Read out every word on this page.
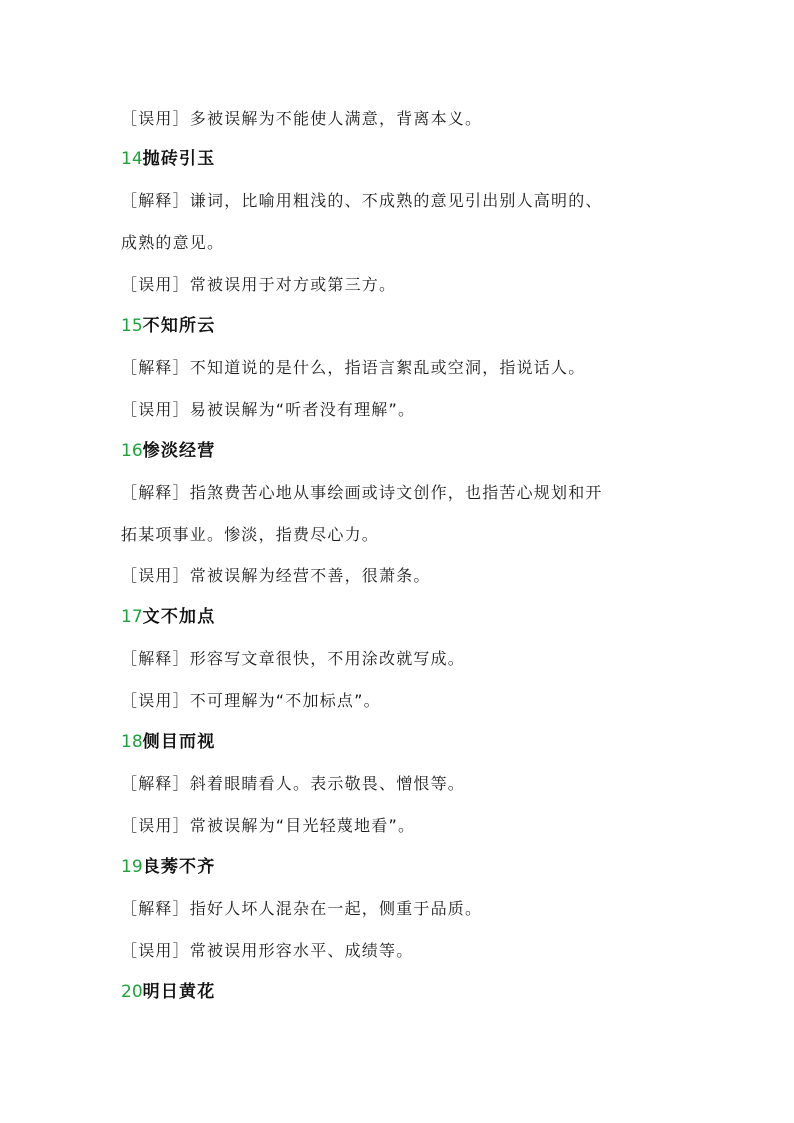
［误用］多被误解为不能使人满意，背离本义。
14抛砖引玉
［解释］谦词，比喻用粗浅的、不成熟的意见引出别人高明的、
成熟的意见。
［误用］常被误用于对方或第三方。
15不知所云
［解释］不知道说的是什么，指语言絮乱或空洞，指说话人。
［误用］易被误解为“听者没有理解”。
16惨淡经营
［解释］指煞费苦心地从事绘画或诗文创作，也指苦心规划和开
拓某项事业。惨淡，指费尽心力。
［误用］常被误解为经营不善，很萧条。
17文不加点
［解释］形容写文章很快，不用涂改就写成。
［误用］不可理解为“不加标点”。
18侧目而视
［解释］斜着眼睛看人。表示敬畏、憎恨等。
［误用］常被误解为“目光轻蔑地看”。
19良莠不齐
［解释］指好人坏人混杂在一起，侧重于品质。
［误用］常被误用形容水平、成绩等。
20明日黄花
